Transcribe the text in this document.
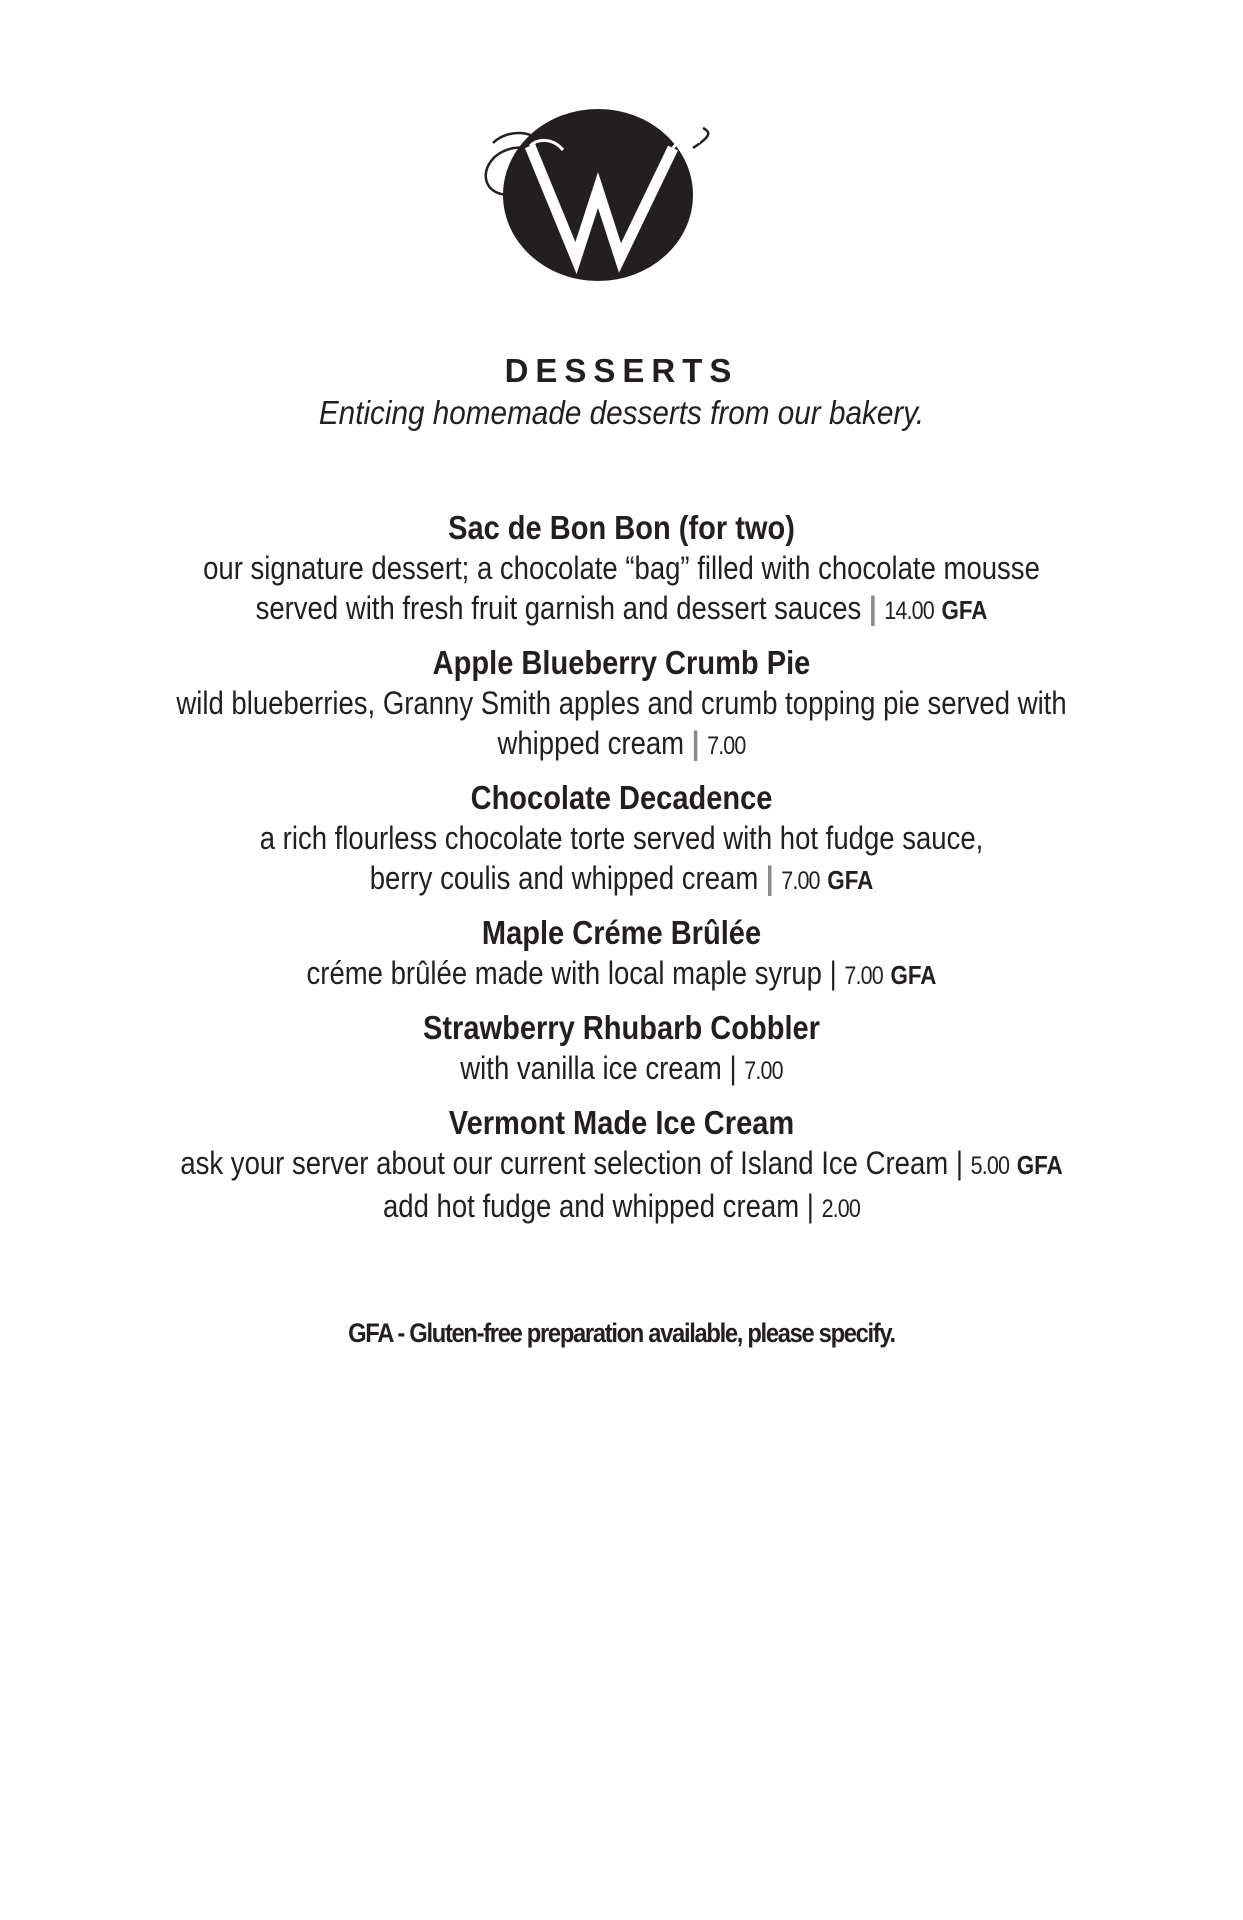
DESSERTS
Enticing homemade desserts from our bakery.
Sac de Bon Bon (for two)
our signature dessert; a chocolate “bag” filled with chocolate mousse
served with fresh fruit garnish and dessert sauces | 14.00 GFA
Apple Blueberry Crumb Pie
wild blueberries, Granny Smith apples and crumb topping pie served with
whipped cream | 7.00
Chocolate Decadence
a rich flourless chocolate torte served with hot fudge sauce,
berry coulis and whipped cream | 7.00 GFA
Maple Créme Brûlée
créme brûlée made with local maple syrup | 7.00 GFA
Strawberry Rhubarb Cobbler
with vanilla ice cream | 7.00
Vermont Made Ice Cream
ask your server about our current selection of Island Ice Cream | 5.00 GFA
add hot fudge and whipped cream | 2.00
GFA - Gluten-free preparation available, please specify.
